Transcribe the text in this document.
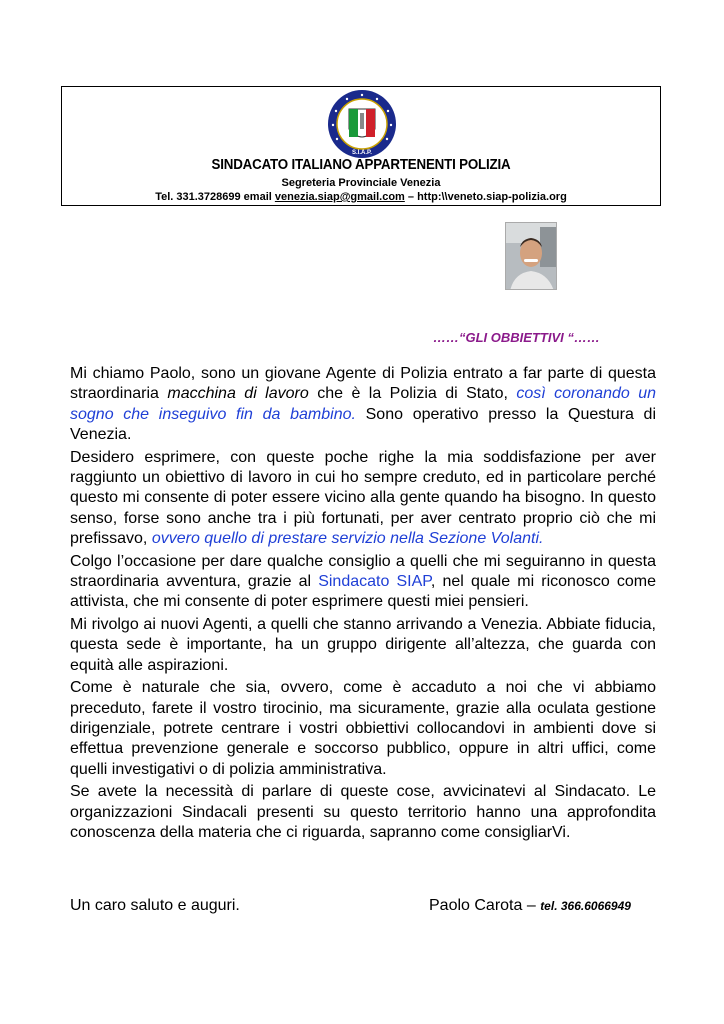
S.I.A.P.
SINDACATO ITALIANO APPARTENENTI POLIZIA
Segreteria Provinciale Venezia
Tel. 331.3728699 email venezia.siap@gmail.com – http:\\veneto.siap-polizia.org
……“GLI OBBIETTIVI “……

Mi chiamo Paolo, sono un giovane Agente di Polizia entrato a far parte di questa straordinaria macchina di lavoro che è la Polizia di Stato, così coronando un sogno che inseguivo fin da bambino. Sono operativo presso la Questura di Venezia.

Desidero esprimere, con queste poche righe la mia soddisfazione per aver raggiunto un obiettivo di lavoro in cui ho sempre creduto, ed in particolare perché questo mi consente di poter essere vicino alla gente quando ha bisogno. In questo senso, forse sono anche tra i più fortunati, per aver centrato proprio ciò che mi prefissavo, ovvero quello di prestare servizio nella Sezione Volanti.

Colgo l’occasione per dare qualche consiglio a quelli che mi seguiranno in questa straordinaria avventura, grazie al Sindacato SIAP, nel quale mi riconosco come attivista, che mi consente di poter esprimere questi miei pensieri.

Mi rivolgo ai nuovi Agenti, a quelli che stanno arrivando a Venezia. Abbiate fiducia, questa sede è importante, ha un gruppo dirigente all’altezza, che guarda con equità alle aspirazioni.

Come è naturale che sia, ovvero, come è accaduto a noi che vi abbiamo preceduto, farete il vostro tirocinio, ma sicuramente, grazie alla oculata gestione dirigenziale, potrete centrare i vostri obbiettivi collocandovi in ambienti dove si effettua prevenzione generale e soccorso pubblico, oppure in altri uffici, come quelli investigativi o di polizia amministrativa.

Se avete la necessità di parlare di queste cose, avvicinatevi al Sindacato. Le organizzazioni Sindacali presenti su questo territorio hanno una approfondita conoscenza della materia che ci riguarda, sapranno come consigliarVi.

Un caro saluto e auguri.	Paolo Carota – tel. 366.6066949
